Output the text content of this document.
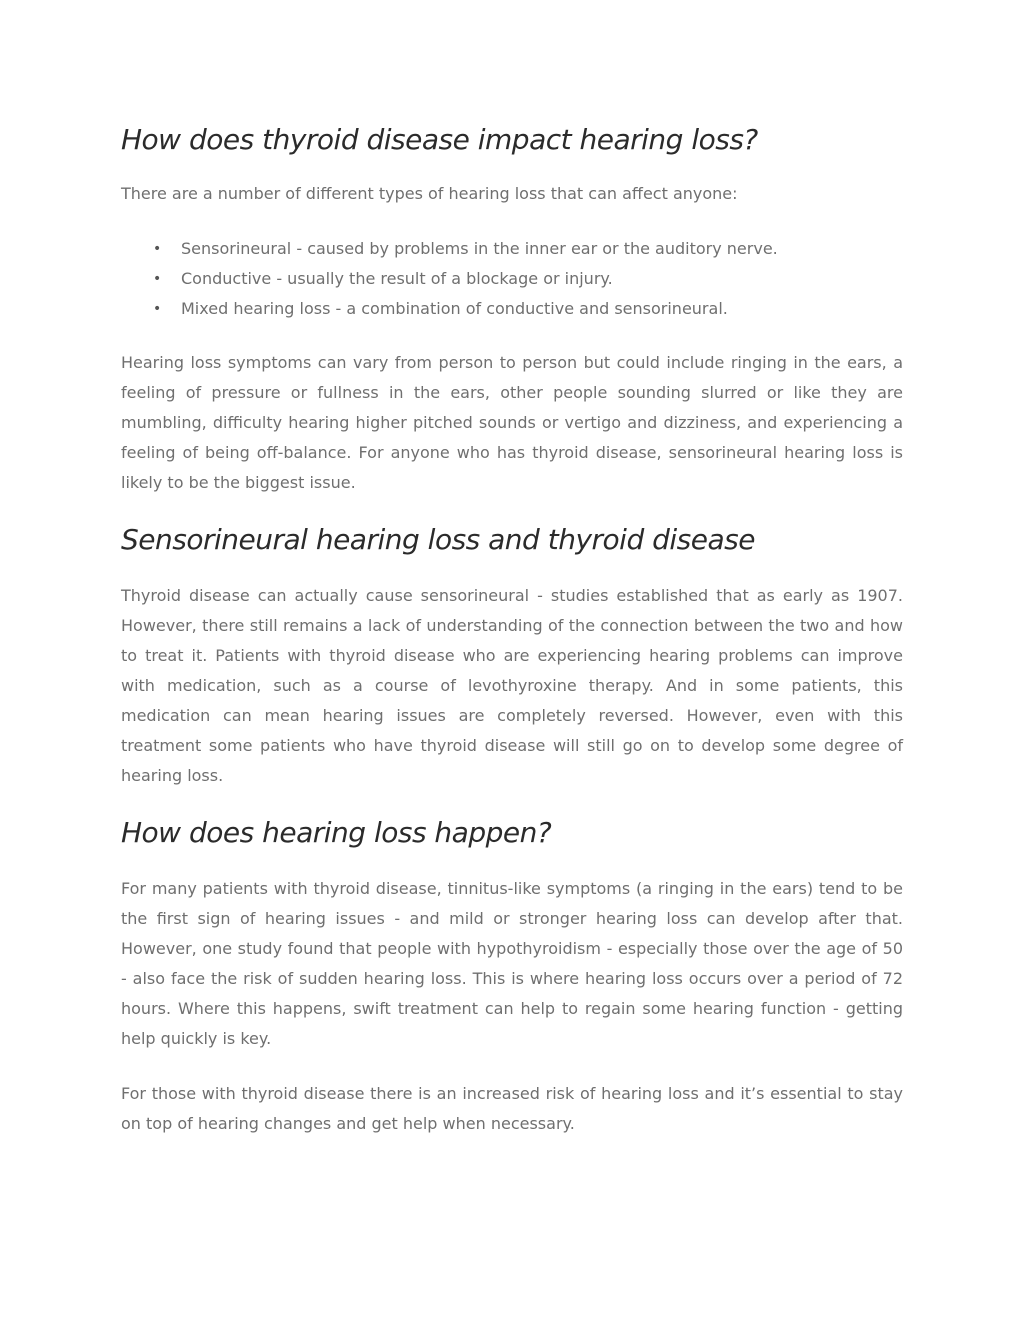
How does thyroid disease impact hearing loss?

There are a number of different types of hearing loss that can affect anyone:

• Sensorineural - caused by problems in the inner ear or the auditory nerve.
• Conductive - usually the result of a blockage or injury.
• Mixed hearing loss - a combination of conductive and sensorineural.

Hearing loss symptoms can vary from person to person but could include ringing in the ears, a feeling of pressure or fullness in the ears, other people sounding slurred or like they are mumbling, difficulty hearing higher pitched sounds or vertigo and dizziness, and experiencing a feeling of being off-balance. For anyone who has thyroid disease, sensorineural hearing loss is likely to be the biggest issue.

Sensorineural hearing loss and thyroid disease

Thyroid disease can actually cause sensorineural - studies established that as early as 1907. However, there still remains a lack of understanding of the connection between the two and how to treat it. Patients with thyroid disease who are experiencing hearing problems can improve with medication, such as a course of levothyroxine therapy. And in some patients, this medication can mean hearing issues are completely reversed. However, even with this treatment some patients who have thyroid disease will still go on to develop some degree of hearing loss.

How does hearing loss happen?

For many patients with thyroid disease, tinnitus-like symptoms (a ringing in the ears) tend to be the first sign of hearing issues - and mild or stronger hearing loss can develop after that. However, one study found that people with hypothyroidism - especially those over the age of 50 - also face the risk of sudden hearing loss. This is where hearing loss occurs over a period of 72 hours. Where this happens, swift treatment can help to regain some hearing function - getting help quickly is key.

For those with thyroid disease there is an increased risk of hearing loss and it’s essential to stay on top of hearing changes and get help when necessary.
